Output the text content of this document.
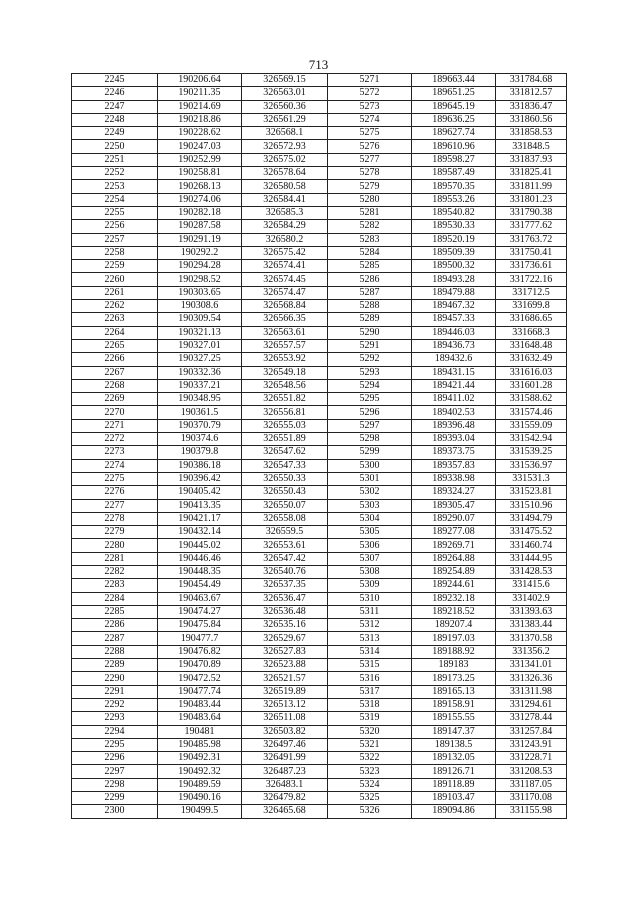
713
2245	190206.64	326569.15	5271	189663.44	331784.68
2246	190211.35	326563.01	5272	189651.25	331812.57
2247	190214.69	326560.36	5273	189645.19	331836.47
2248	190218.86	326561.29	5274	189636.25	331860.56
2249	190228.62	326568.1	5275	189627.74	331858.53
2250	190247.03	326572.93	5276	189610.96	331848.5
2251	190252.99	326575.02	5277	189598.27	331837.93
2252	190258.81	326578.64	5278	189587.49	331825.41
2253	190268.13	326580.58	5279	189570.35	331811.99
2254	190274.06	326584.41	5280	189553.26	331801.23
2255	190282.18	326585.3	5281	189540.82	331790.38
2256	190287.58	326584.29	5282	189530.33	331777.62
2257	190291.19	326580.2	5283	189520.19	331763.72
2258	190292.2	326575.42	5284	189509.39	331750.41
2259	190294.28	326574.41	5285	189500.32	331736.61
2260	190298.52	326574.45	5286	189493.28	331722.16
2261	190303.65	326574.47	5287	189479.88	331712.5
2262	190308.6	326568.84	5288	189467.32	331699.8
2263	190309.54	326566.35	5289	189457.33	331686.65
2264	190321.13	326563.61	5290	189446.03	331668.3
2265	190327.01	326557.57	5291	189436.73	331648.48
2266	190327.25	326553.92	5292	189432.6	331632.49
2267	190332.36	326549.18	5293	189431.15	331616.03
2268	190337.21	326548.56	5294	189421.44	331601.28
2269	190348.95	326551.82	5295	189411.02	331588.62
2270	190361.5	326556.81	5296	189402.53	331574.46
2271	190370.79	326555.03	5297	189396.48	331559.09
2272	190374.6	326551.89	5298	189393.04	331542.94
2273	190379.8	326547.62	5299	189373.75	331539.25
2274	190386.18	326547.33	5300	189357.83	331536.97
2275	190396.42	326550.33	5301	189338.98	331531.3
2276	190405.42	326550.43	5302	189324.27	331523.81
2277	190413.35	326550.07	5303	189305.47	331510.96
2278	190421.17	326558.08	5304	189290.07	331494.79
2279	190432.14	326559.5	5305	189277.08	331475.52
2280	190445.02	326553.61	5306	189269.71	331460.74
2281	190446.46	326547.42	5307	189264.88	331444.95
2282	190448.35	326540.76	5308	189254.89	331428.53
2283	190454.49	326537.35	5309	189244.61	331415.6
2284	190463.67	326536.47	5310	189232.18	331402.9
2285	190474.27	326536.48	5311	189218.52	331393.63
2286	190475.84	326535.16	5312	189207.4	331383.44
2287	190477.7	326529.67	5313	189197.03	331370.58
2288	190476.82	326527.83	5314	189188.92	331356.2
2289	190470.89	326523.88	5315	189183	331341.01
2290	190472.52	326521.57	5316	189173.25	331326.36
2291	190477.74	326519.89	5317	189165.13	331311.98
2292	190483.44	326513.12	5318	189158.91	331294.61
2293	190483.64	326511.08	5319	189155.55	331278.44
2294	190481	326503.82	5320	189147.37	331257.84
2295	190485.98	326497.46	5321	189138.5	331243.91
2296	190492.31	326491.99	5322	189132.05	331228.71
2297	190492.32	326487.23	5323	189126.71	331208.53
2298	190489.59	326483.1	5324	189118.89	331187.05
2299	190490.16	326479.82	5325	189103.47	331170.08
2300	190499.5	326465.68	5326	189094.86	331155.98
